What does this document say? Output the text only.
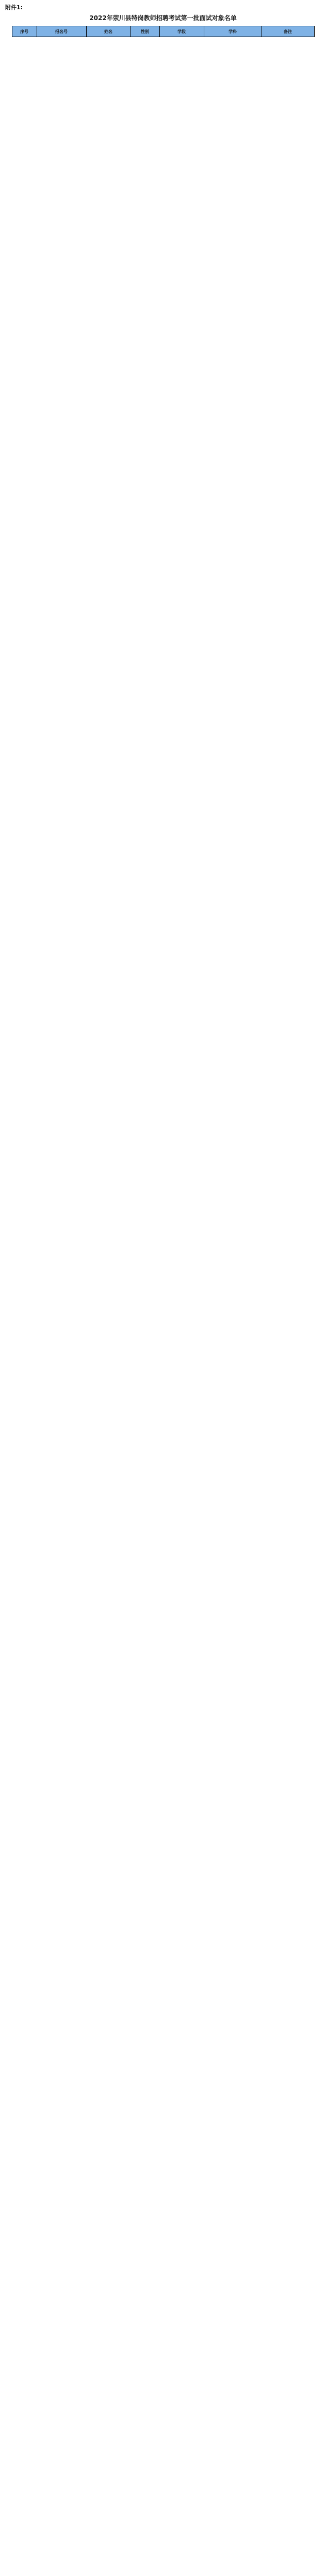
附件1:
2022年荥川县特岗教师招聘考试第一批面试对象名单
序号	报名号	姓名	性别	学段	学科	备注
